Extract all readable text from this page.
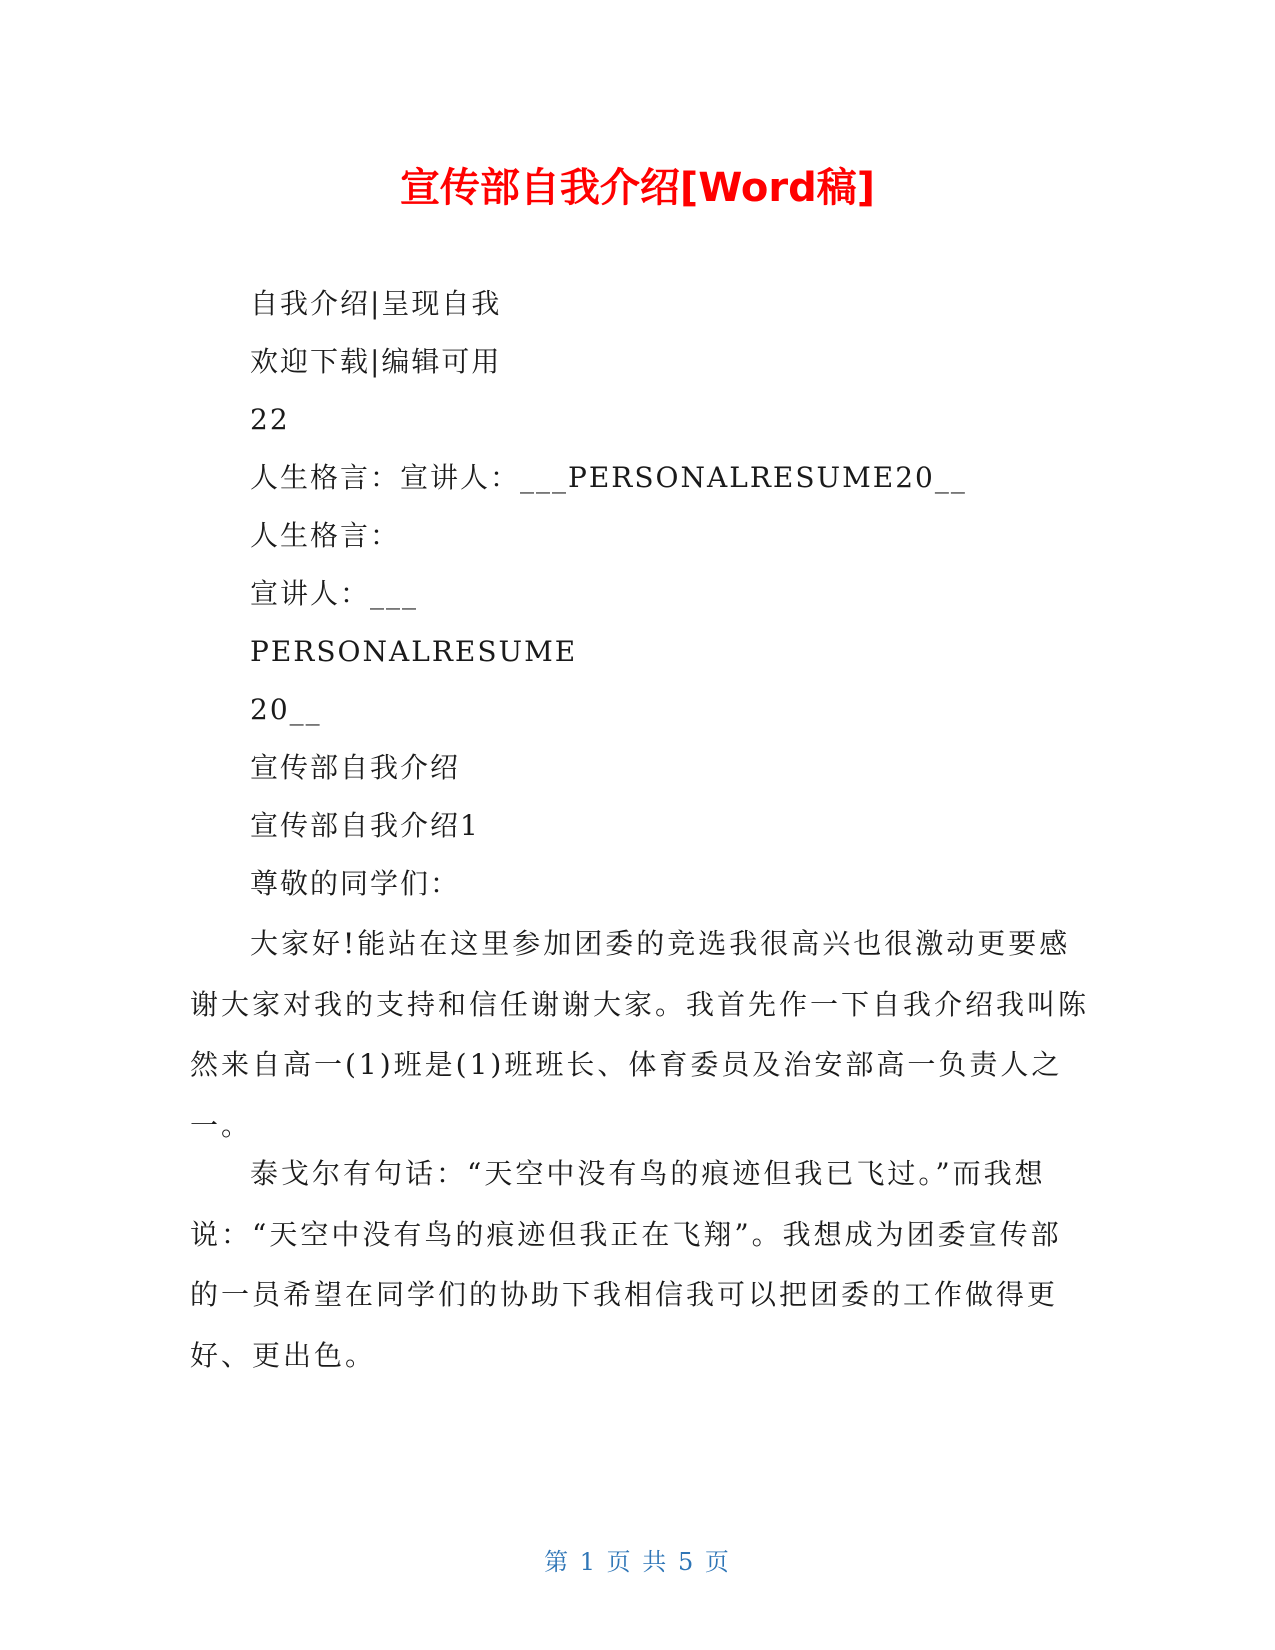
宣传部自我介绍[Word稿]

自我介绍|呈现自我

欢迎下载|编辑可用

22

人生格言：宣讲人：___PERSONALRESUME20__

人生格言：

宣讲人：___

PERSONALRESUME

20__

宣传部自我介绍

宣传部自我介绍1

尊敬的同学们：

大家好!能站在这里参加团委的竞选我很高兴也很激动更要感谢大家对我的支持和信任谢谢大家。我首先作一下自我介绍我叫陈然来自高一(1)班是(1)班班长、体育委员及治安部高一负责人之一。

泰戈尔有句话：“天空中没有鸟的痕迹但我已飞过。”而我想说：“天空中没有鸟的痕迹但我正在飞翔”。我想成为团委宣传部的一员希望在同学们的协助下我相信我可以把团委的工作做得更好、更出色。

第 1 页 共 5 页
